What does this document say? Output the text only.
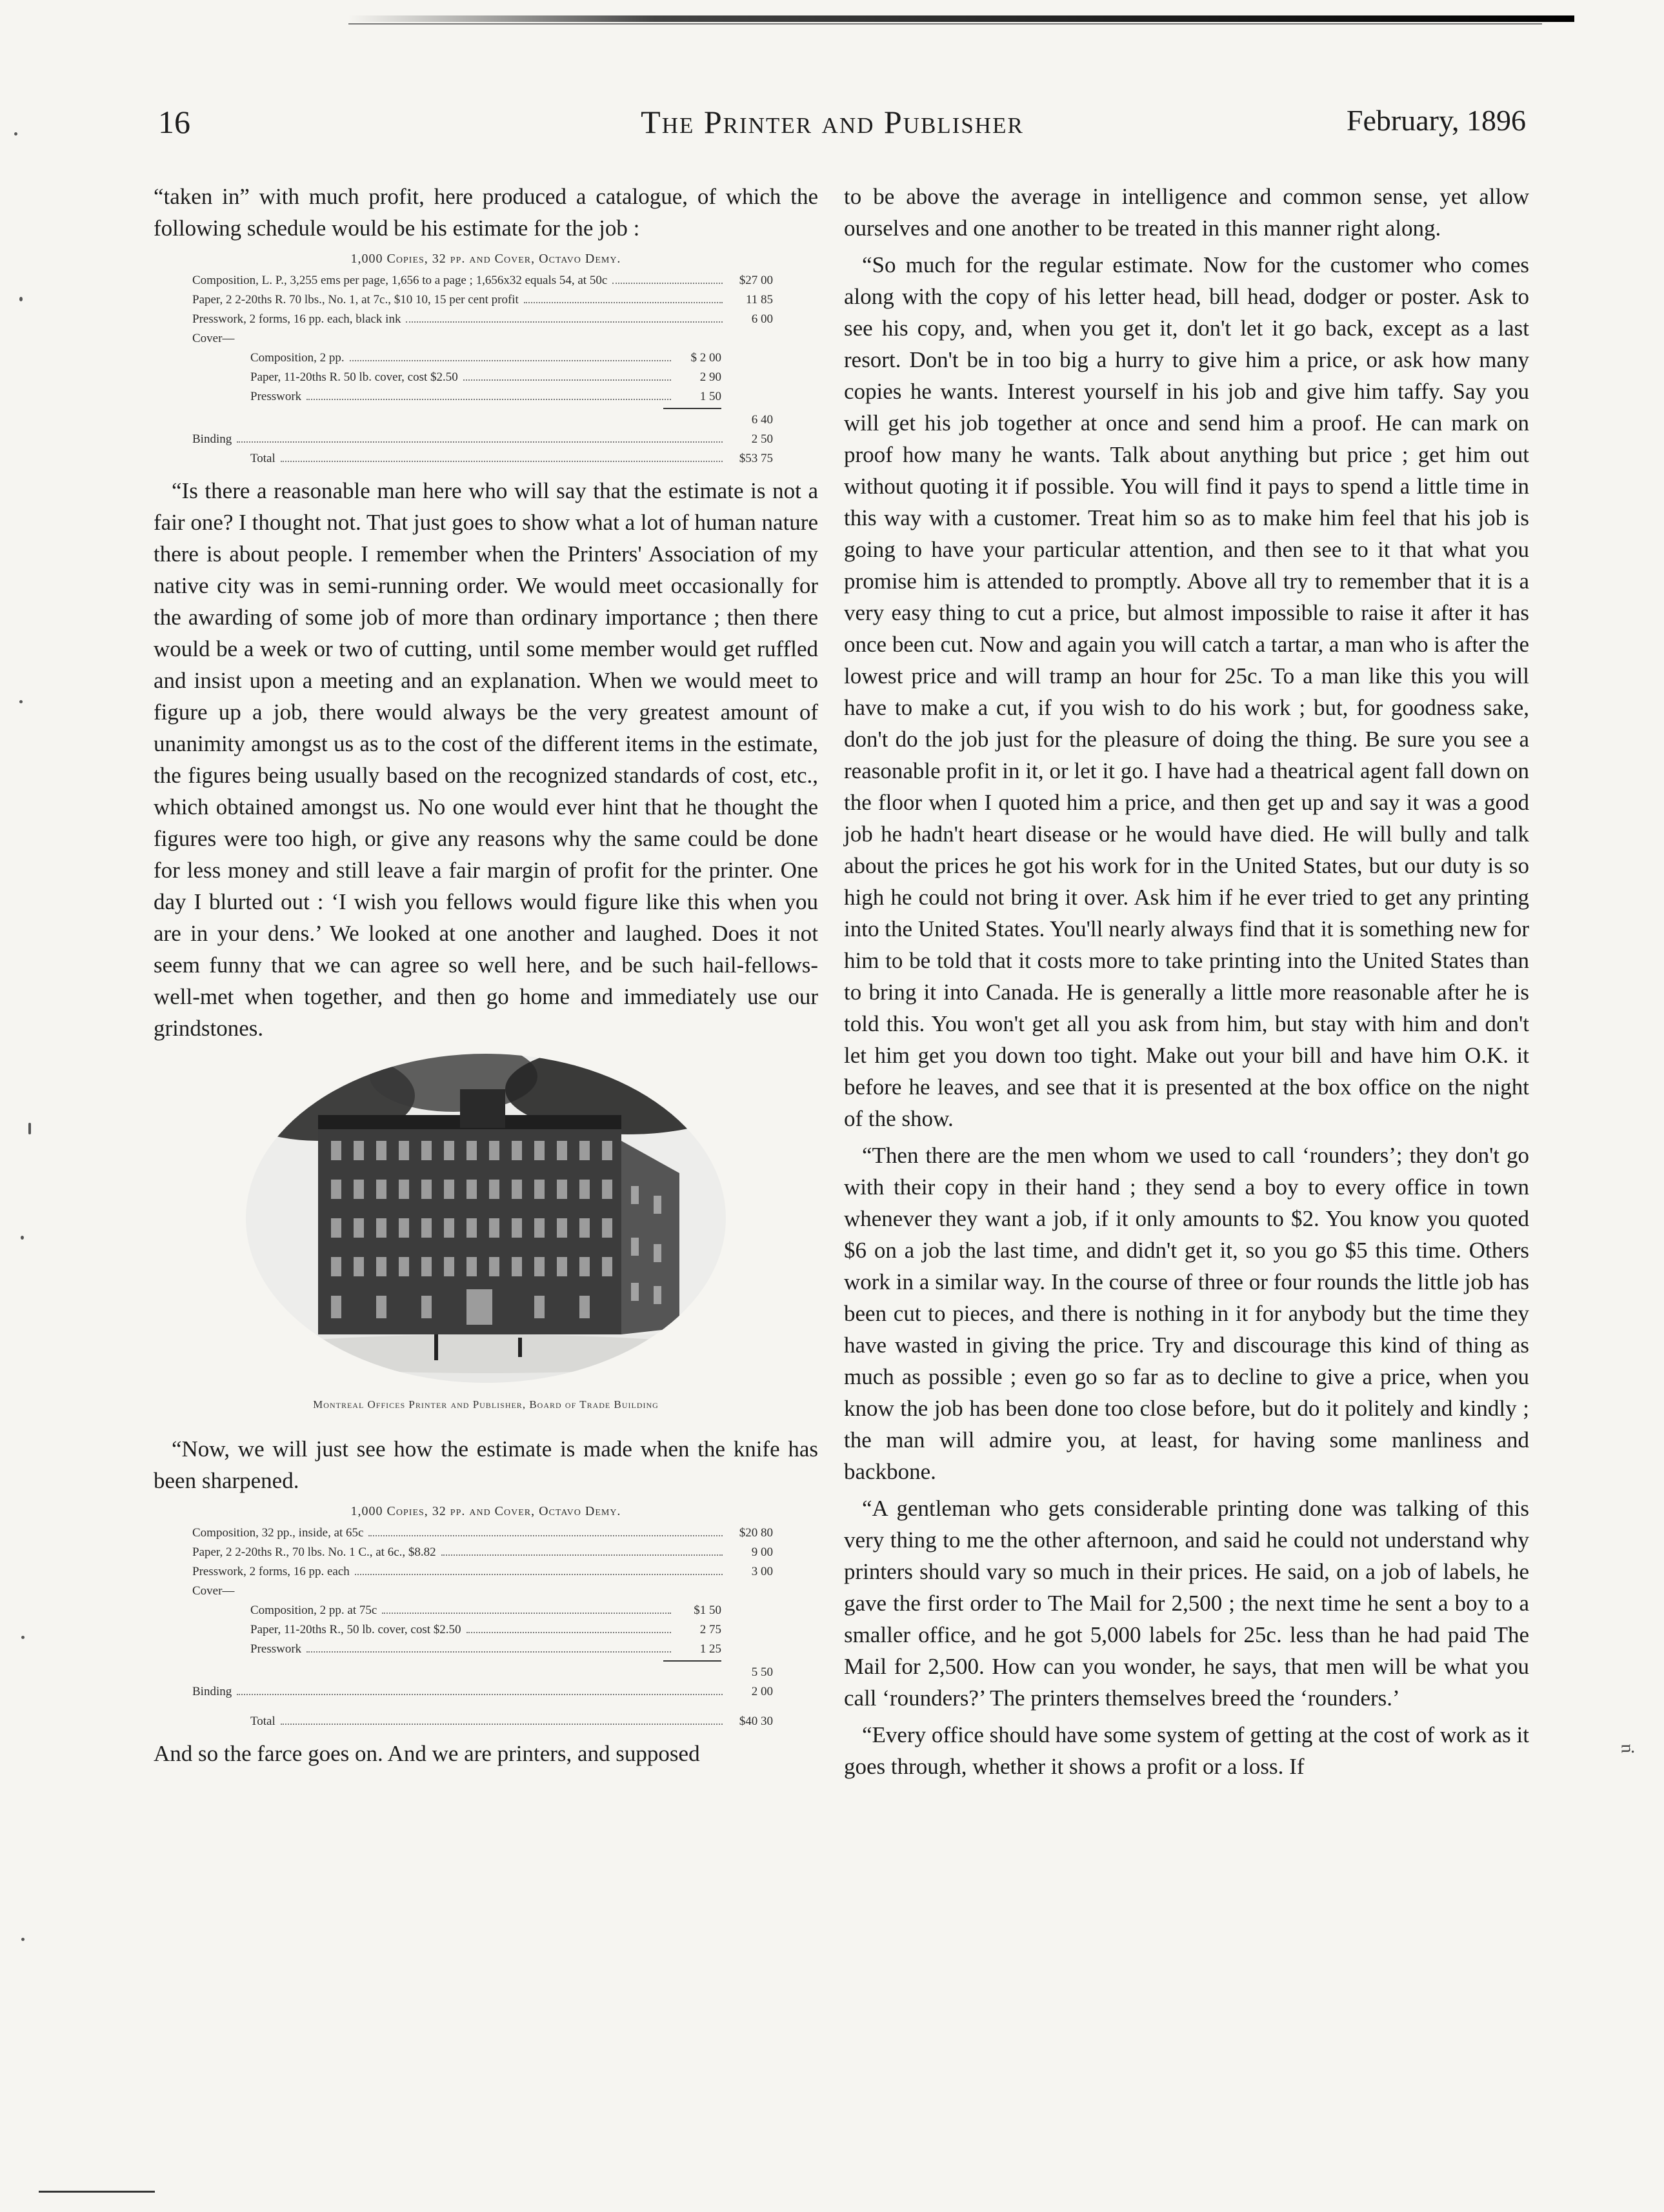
16	The Printer and Publisher	February, 1896

“taken in” with much profit, here produced a catalogue, of which the following schedule would be his estimate for the job :

1,000 Copies, 32 pp. and Cover, Octavo Demy.
Composition, L. P., 3,255 ems per page, 1,656 to a page ; 1,656x32 equals 54, at 50c	$27 00
Paper, 2 2-20ths R. 70 lbs., No. 1, at 7c., $10 10, 15 per cent profit	11 85
Presswork, 2 forms, 16 pp. each, black ink	6 00
Cover—
Composition, 2 pp.	$ 2 00
Paper, 11-20ths R. 50 lb. cover, cost $2.50	2 90
Presswork	1 50
6 40
Binding	2 50
Total	$53 75

“Is there a reasonable man here who will say that the estimate is not a fair one? I thought not. That just goes to show what a lot of human nature there is about people. I remember when the Printers' Association of my native city was in semi-running order. We would meet occasionally for the awarding of some job of more than ordinary importance ; then there would be a week or two of cutting, until some member would get ruffled and insist upon a meeting and an explanation. When we would meet to figure up a job, there would always be the very greatest amount of unanimity amongst us as to the cost of the different items in the estimate, the figures being usually based on the recognized standards of cost, etc., which obtained amongst us. No one would ever hint that he thought the figures were too high, or give any reasons why the same could be done for less money and still leave a fair margin of profit for the printer. One day I blurted out : ‘I wish you fellows would figure like this when you are in your dens.’ We looked at one another and laughed. Does it not seem funny that we can agree so well here, and be such hail-fellows-well-met when together, and then go home and immediately use our grindstones.

Montreal Offices Printer and Publisher, Board of Trade Building

“Now, we will just see how the estimate is made when the knife has been sharpened.

1,000 Copies, 32 pp. and Cover, Octavo Demy.
Composition, 32 pp., inside, at 65c	$20 80
Paper, 2 2-20ths R., 70 lbs. No. 1 C., at 6c., $8.82	9 00
Presswork, 2 forms, 16 pp. each	3 00
Cover—
Composition, 2 pp. at 75c	$1 50
Paper, 11-20ths R., 50 lb. cover, cost $2.50	2 75
Presswork	1 25
5 50
Binding	2 00
Total	$40 30

And so the farce goes on. And we are printers, and supposed

to be above the average in intelligence and common sense, yet allow ourselves and one another to be treated in this manner right along.

“So much for the regular estimate. Now for the customer who comes along with the copy of his letter head, bill head, dodger or poster. Ask to see his copy, and, when you get it, don't let it go back, except as a last resort. Don't be in too big a hurry to give him a price, or ask how many copies he wants. Interest yourself in his job and give him taffy. Say you will get his job together at once and send him a proof. He can mark on proof how many he wants. Talk about anything but price ; get him out without quoting it if possible. You will find it pays to spend a little time in this way with a customer. Treat him so as to make him feel that his job is going to have your particular attention, and then see to it that what you promise him is attended to promptly. Above all try to remember that it is a very easy thing to cut a price, but almost impossible to raise it after it has once been cut. Now and again you will catch a tartar, a man who is after the lowest price and will tramp an hour for 25c. To a man like this you will have to make a cut, if you wish to do his work ; but, for goodness sake, don't do the job just for the pleasure of doing the thing. Be sure you see a reasonable profit in it, or let it go. I have had a theatrical agent fall down on the floor when I quoted him a price, and then get up and say it was a good job he hadn't heart disease or he would have died. He will bully and talk about the prices he got his work for in the United States, but our duty is so high he could not bring it over. Ask him if he ever tried to get any printing into the United States. You'll nearly always find that it is something new for him to be told that it costs more to take printing into the United States than to bring it into Canada. He is generally a little more reasonable after he is told this. You won't get all you ask from him, but stay with him and don't let him get you down too tight. Make out your bill and have him O.K. it before he leaves, and see that it is presented at the box office on the night of the show.

“Then there are the men whom we used to call ‘rounders’; they don't go with their copy in their hand ; they send a boy to every office in town whenever they want a job, if it only amounts to $2. You know you quoted $6 on a job the last time, and didn't get it, so you go $5 this time. Others work in a similar way. In the course of three or four rounds the little job has been cut to pieces, and there is nothing in it for anybody but the time they have wasted in giving the price. Try and discourage this kind of thing as much as possible ; even go so far as to decline to give a price, when you know the job has been done too close before, but do it politely and kindly ; the man will admire you, at least, for having some manliness and backbone.

“A gentleman who gets considerable printing done was talking of this very thing to me the other afternoon, and said he could not understand why printers should vary so much in their prices. He said, on a job of labels, he gave the first order to The Mail for 2,500 ; the next time he sent a boy to a smaller office, and he got 5,000 labels for 25c. less than he had paid The Mail for 2,500. How can you wonder, he says, that men will be what you call ‘rounders?’ The printers themselves breed the ‘rounders.’

“Every office should have some system of getting at the cost of work as it goes through, whether it shows a profit or a loss. If

ᴝ.
